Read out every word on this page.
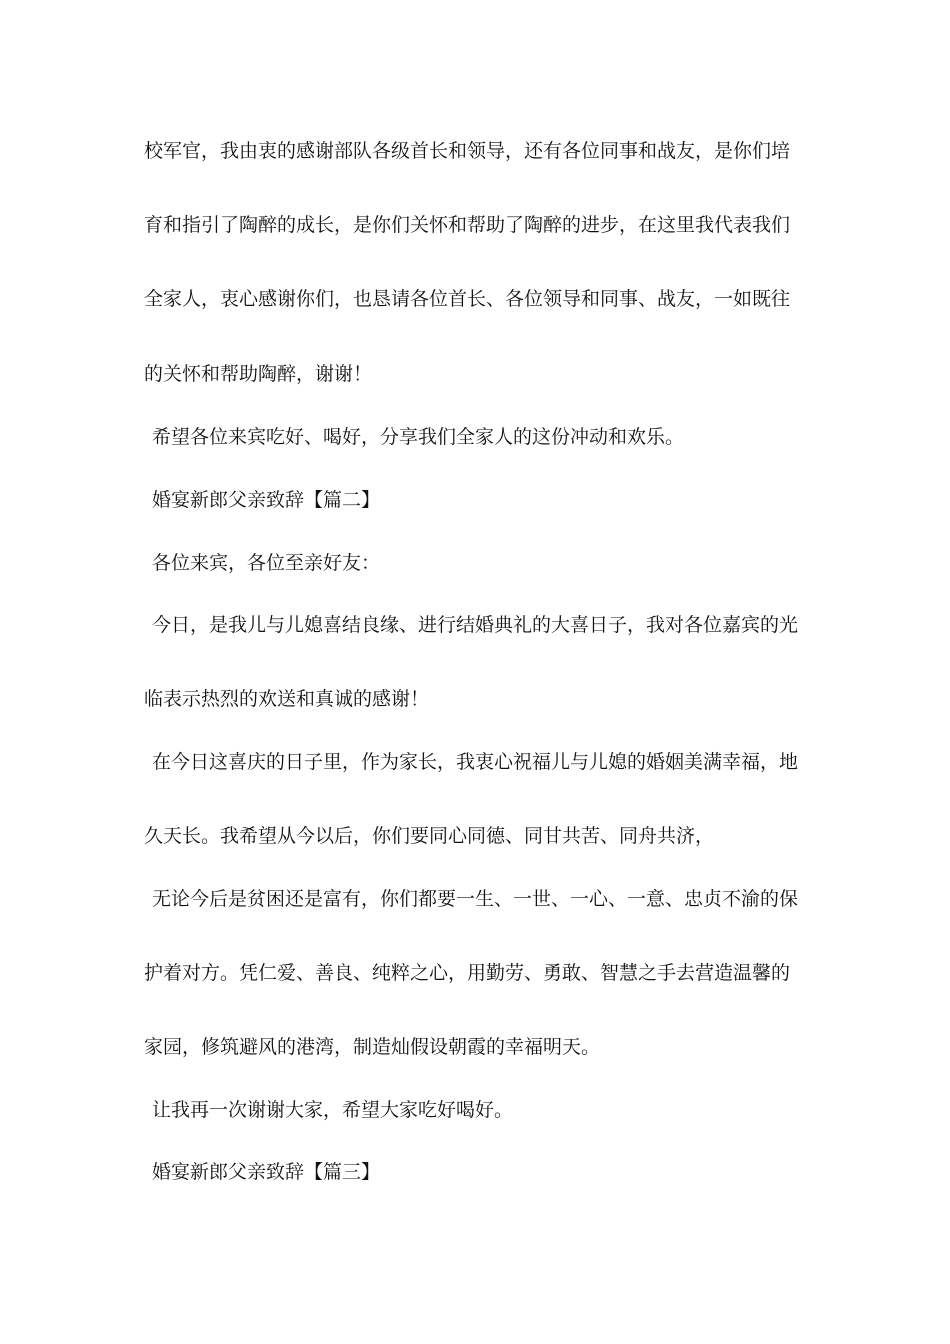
校军官，我由衷的感谢部队各级首长和领导，还有各位同事和战友，是你们培
育和指引了陶醉的成长，是你们关怀和帮助了陶醉的进步，在这里我代表我们
全家人，衷心感谢你们，也恳请各位首长、各位领导和同事、战友，一如既往
的关怀和帮助陶醉，谢谢！
希望各位来宾吃好、喝好，分享我们全家人的这份冲动和欢乐。
婚宴新郎父亲致辞【篇二】
各位来宾，各位至亲好友：
今日，是我儿与儿媳喜结良缘、进行结婚典礼的大喜日子，我对各位嘉宾的光
临表示热烈的欢送和真诚的感谢！
在今日这喜庆的日子里，作为家长，我衷心祝福儿与儿媳的婚姻美满幸福，地
久天长。我希望从今以后，你们要同心同德、同甘共苦、同舟共济，
无论今后是贫困还是富有，你们都要一生、一世、一心、一意、忠贞不渝的保
护着对方。凭仁爱、善良、纯粹之心，用勤劳、勇敢、智慧之手去营造温馨的
家园，修筑避风的港湾，制造灿假设朝霞的幸福明天。
让我再一次谢谢大家，希望大家吃好喝好。
婚宴新郎父亲致辞【篇三】
